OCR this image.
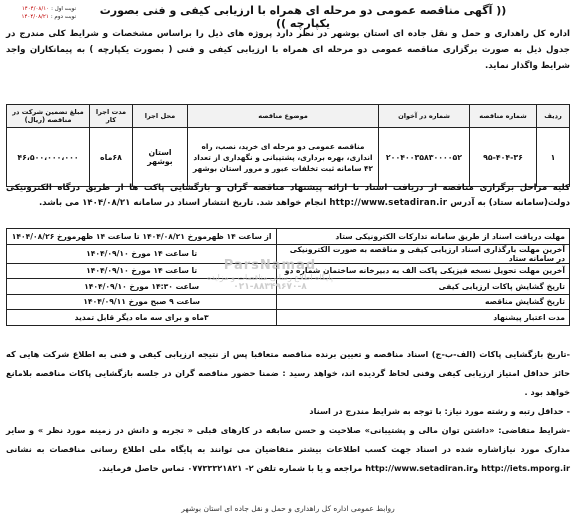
نوبت اول :
۱۴۰۴/۰۸/۱۰
نوبت دوم :
۱۴۰۴/۰۸/۲۱	(( آگهی مناقصه عمومی دو مرحله ای همراه با ارزیابی کیفی و فنی بصورت یکپارچه ))
اداره کل راهداری و حمل و نقل جاده ای استان بوشهر در نظر دارد پروژه های ذیل را براساس مشخصات و شرایط کلی مندرج در جدول ذیل به صورت برگزاری مناقصه عمومی دو مرحله ای همراه با ارزیابی کیفی و فنی ( بصورت یکپارچه ) به پیمانکاران واجد شرایط واگذار نماید.
ردیف	شماره مناقصه	شماره در آخوان	موضوع مناقصه	محل اجرا	مدت اجرا کار	مبلغ تضمین شرکت در مناقصه (ریال)
۱	۹۵-۴۰۴-۳۶	۲۰۰۴۰۰۳۵۸۳۰۰۰۰۵۲	مناقصه عمومی دو مرحله ای خرید، نصب، راه اندازی، بهره برداری، پشتیبانی و نگهداری از تعداد ۴۲ سامانه ثبت تخلفات عبور و مرور استان بوشهر	استان بوشهر	۶۸ماه	۴۶،۵۰۰،۰۰۰،۰۰۰
کلیه مراحل برگزاری مناقصه از دریافت اسناد تا ارائه پیشنهاد مناقصه گران و بازگشایی پاکت ها از طریق درگاه الکترونیکی دولت(سامانه ستاد) به آدرس http://www.setadiran.ir انجام خواهد شد. تاریخ انتشار اسناد در سامانه ۱۴۰۴/۰۸/۲۱ می باشد.
مهلت دریافت اسناد از طریق سامانه تدارکات الکترونیکی ستاد	از ساعت ۱۴ ظهرمورخ ۱۴۰۴/۰۸/۲۱ تا ساعت ۱۴ ظهرمورخ ۱۴۰۴/۰۸/۲۶
آخرین مهلت بارگذاری اسناد ارزیابی کیفی و مناقصه به صورت الکترونیکی در سامانه ستاد	تا ساعت ۱۴ مورخ ۱۴۰۴/۰۹/۱۰
آخرین مهلت تحویل نسخه فیزیکی پاکت الف به دبیرخانه ساختمان شماره دو	تا ساعت ۱۴ مورخ ۱۴۰۴/۰۹/۱۰
تاریخ گشایش پاکات ارزیابی کیفی	ساعت ۱۴:۳۰ مورخ ۱۴۰۴/۰۹/۱۰
تاریخ گشایش مناقصه	ساعت ۹ صبح مورخ ۱۴۰۴/۰۹/۱۱
مدت اعتبار پیشنهاد	۳ماه و برای سه ماه دیگر قابل تمدید
ParsNamad
پایگاه اطلاع رسانی مناقصات و مزایده
۰۲۱-۸۸۳۴۹۶۷۰-۸

-تاریخ بازگشایی پاکات (الف-ب-ج) اسناد مناقصه و تعیین برنده مناقصه متعاقبا پس از نتیجه ارزیابی کیفی و فنی به اطلاع شرکت هایی که حائز حداقل امتیاز ارزیابی کیفی وفنی لحاظ گردیده اند، خواهد رسید : ضمنا حضور مناقصه گران در جلسه بازگشایی پاکات مناقصه بلامانع خواهد بود .

- حداقل رتبه و رشته مورد نیاز: با توجه به شرایط مندرج در اسناد

-شرایط متقاضی: «داشتن توان مالی و پشتیبانی» صلاحیت و حسن سابقه در کارهای قبلی « تجربه و دانش در زمینه مورد نظر » و سایر مدارک مورد نیازاشاره شده در اسناد جهت کسب اطلاعات بیشتر متقاضیان می توانند به پایگاه ملی اطلاع رسانی مناقصات به نشانی http://iets.mporg.ir وhttp://www.setadiran.ir مراجعه و یا با شماره تلفن ۲- ۰۷۷۳۳۳۲۱۸۲۱ تماس حاصل فرمایند.

روابط عمومی اداره کل راهداری و حمل و نقل جاده ای استان بوشهر
